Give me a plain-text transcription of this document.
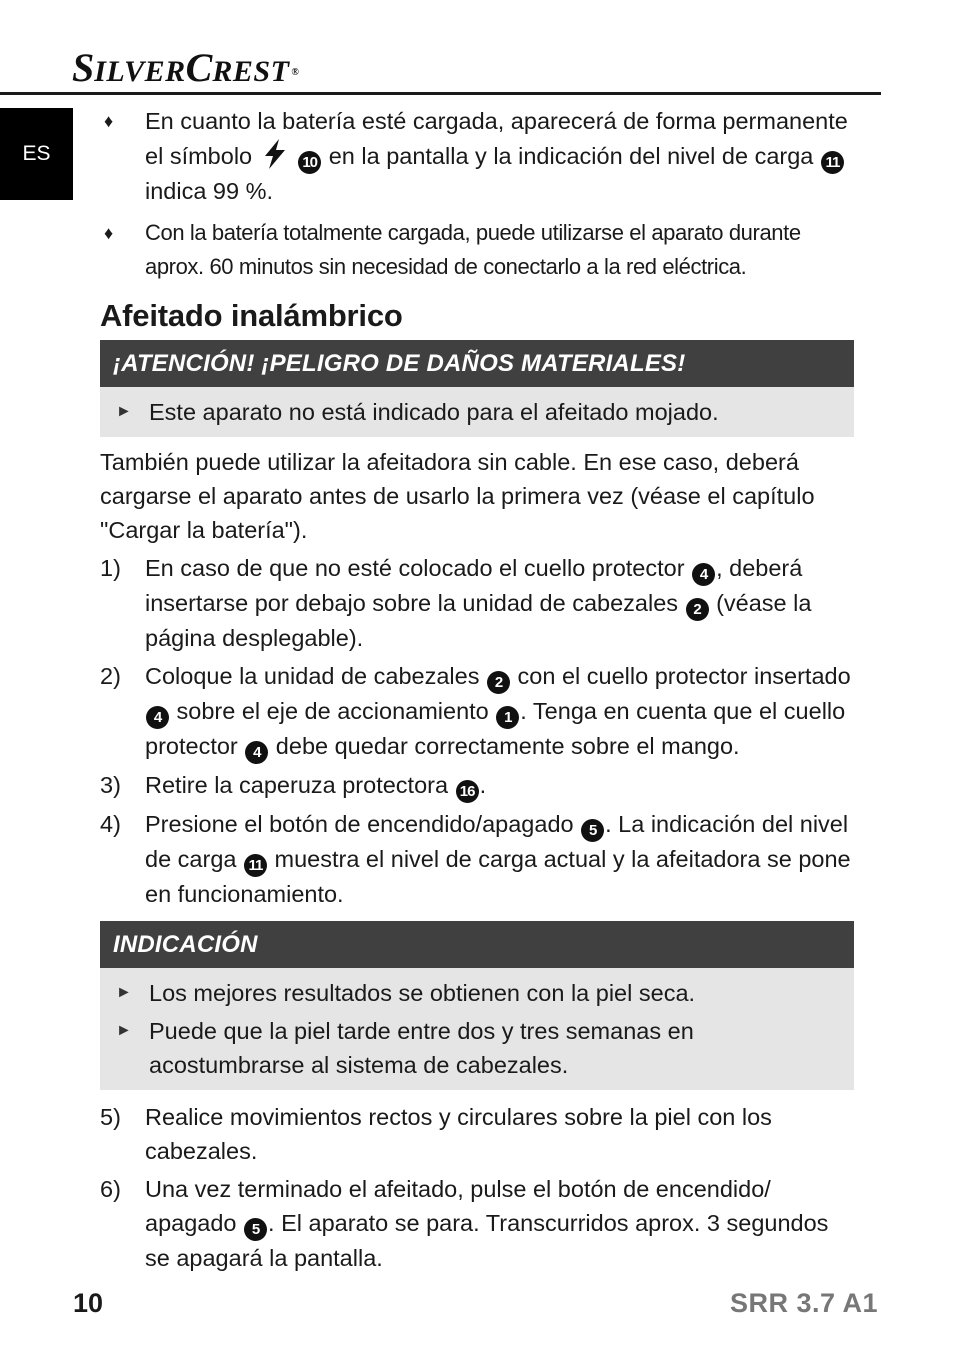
SILVERCREST ®
ES
♦ En cuanto la batería esté cargada, aparecerá de forma permanente el símbolo	10 en la pantalla y la indicación del nivel de carga 11 indica 99 %.
♦ Con la batería totalmente cargada, puede utilizarse el aparato durante aprox. 60 minutos sin necesidad de conectarlo a la red eléctrica.
Afeitado inalámbrico
¡ATENCIÓN! ¡PELIGRO DE DAÑOS MATERIALES!
► Este aparato no está indicado para el afeitado mojado.
También puede utilizar la afeitadora sin cable. En ese caso, deberá cargarse el aparato antes de usarlo la primera vez (véase el capítulo "Cargar la batería").
1) En caso de que no esté colocado el cuello protector 4 , deberá insertarse por debajo sobre la unidad de cabezales 2 (véase la página desplegable).
2) Coloque la unidad de cabezales 2 con el cuello protector insertado 4 sobre el eje de accionamiento 1 . Tenga en cuenta que el cuello protector 4 debe quedar correctamente sobre el mango.
3) Retire la caperuza protectora 16 .
4) Presione el botón de encendido/apagado 5 . La indicación del nivel de carga 11 muestra el nivel de carga actual y la afeitadora se pone en funcionamiento.
INDICACIÓN
► Los mejores resultados se obtienen con la piel seca.
► Puede que la piel tarde entre dos y tres semanas en acostumbrarse al sistema de cabezales.
5) Realice movimientos rectos y circulares sobre la piel con los cabezales.
6) Una vez terminado el afeitado, pulse el botón de encendido/ apagado 5 . El aparato se para. Transcurridos aprox. 3 segundos se apagará la pantalla.
10	SRR 3.7 A1
